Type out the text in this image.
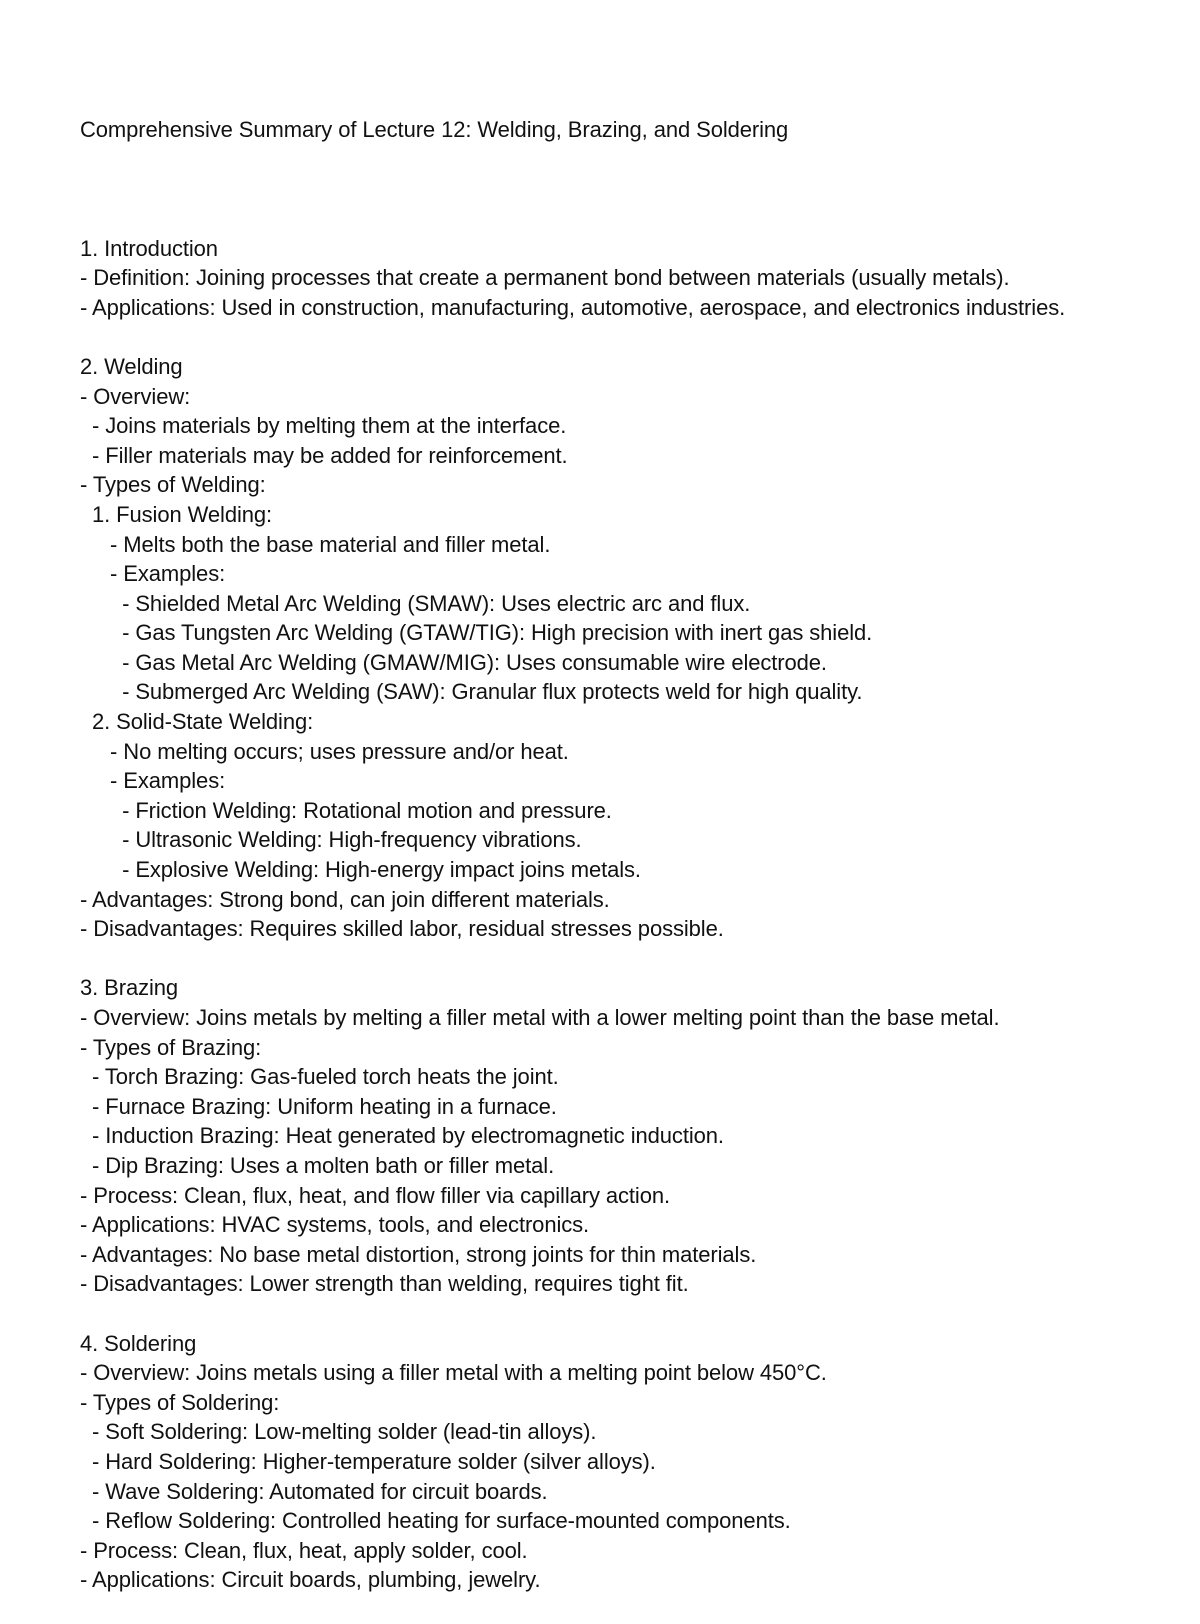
Comprehensive Summary of Lecture 12: Welding, Brazing, and Soldering

1. Introduction
- Definition: Joining processes that create a permanent bond between materials (usually metals).
- Applications: Used in construction, manufacturing, automotive, aerospace, and electronics industries.
2. Welding
- Overview:
- Joins materials by melting them at the interface.
- Filler materials may be added for reinforcement.
- Types of Welding:
1. Fusion Welding:
- Melts both the base material and filler metal.
- Examples:
- Shielded Metal Arc Welding (SMAW): Uses electric arc and flux.
- Gas Tungsten Arc Welding (GTAW/TIG): High precision with inert gas shield.
- Gas Metal Arc Welding (GMAW/MIG): Uses consumable wire electrode.
- Submerged Arc Welding (SAW): Granular flux protects weld for high quality.
2. Solid-State Welding:
- No melting occurs; uses pressure and/or heat.
- Examples:
- Friction Welding: Rotational motion and pressure.
- Ultrasonic Welding: High-frequency vibrations.
- Explosive Welding: High-energy impact joins metals.
- Advantages: Strong bond, can join different materials.
- Disadvantages: Requires skilled labor, residual stresses possible.
3. Brazing
- Overview: Joins metals by melting a filler metal with a lower melting point than the base metal.
- Types of Brazing:
- Torch Brazing: Gas-fueled torch heats the joint.
- Furnace Brazing: Uniform heating in a furnace.
- Induction Brazing: Heat generated by electromagnetic induction.
- Dip Brazing: Uses a molten bath or filler metal.
- Process: Clean, flux, heat, and flow filler via capillary action.
- Applications: HVAC systems, tools, and electronics.
- Advantages: No base metal distortion, strong joints for thin materials.
- Disadvantages: Lower strength than welding, requires tight fit.
4. Soldering
- Overview: Joins metals using a filler metal with a melting point below 450°C.
- Types of Soldering:
- Soft Soldering: Low-melting solder (lead-tin alloys).
- Hard Soldering: Higher-temperature solder (silver alloys).
- Wave Soldering: Automated for circuit boards.
- Reflow Soldering: Controlled heating for surface-mounted components.
- Process: Clean, flux, heat, apply solder, cool.
- Applications: Circuit boards, plumbing, jewelry.
